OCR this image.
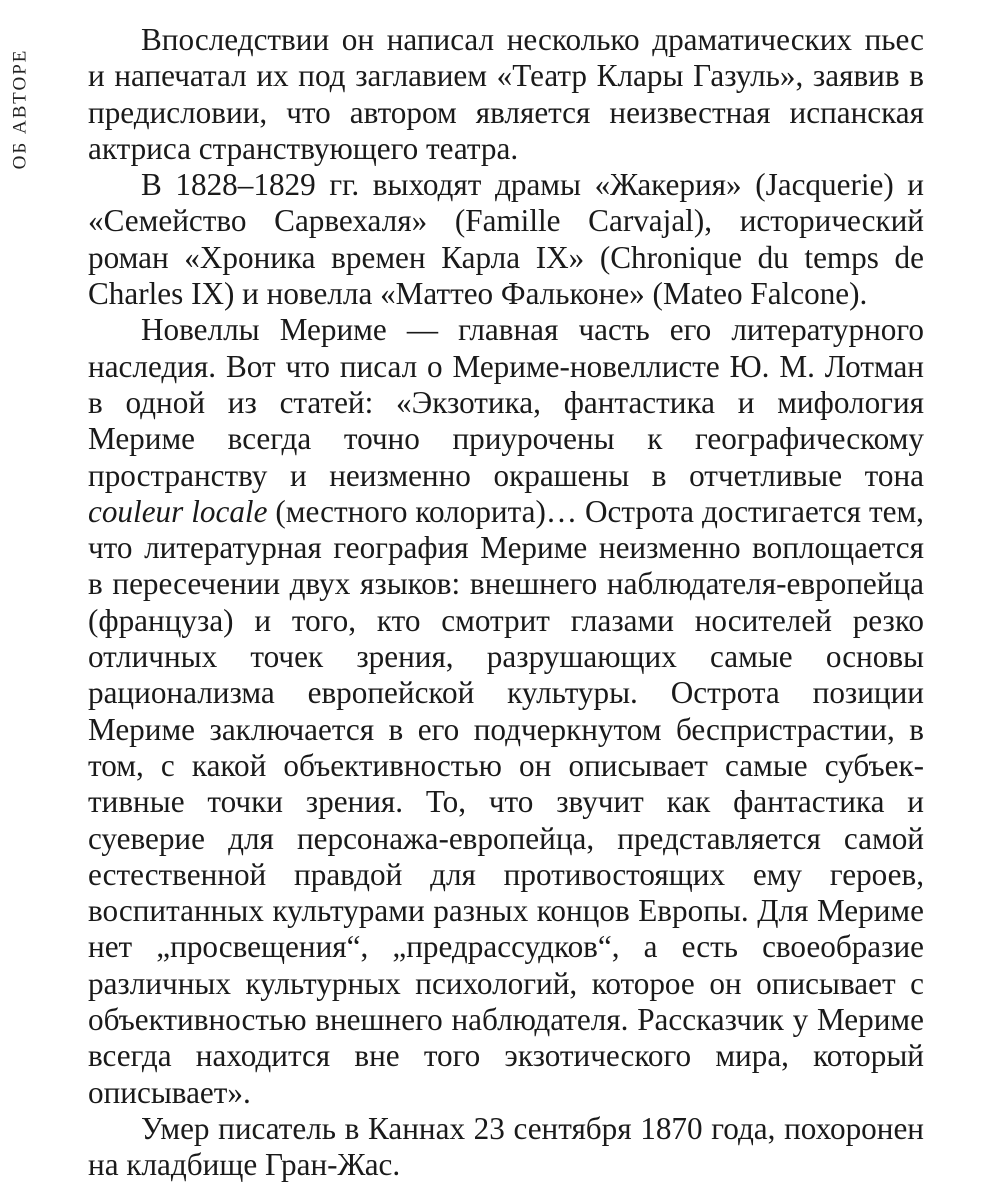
ОБ АВТОРЕ

Впоследствии он написал несколько драматических пьес и напечатал их под заглавием «Театр Клары Газуль», заявив в предисловии, что автором является неизвестная испанская актриса странствующего театра.

В 1828–1829 гг. выходят драмы «Жакерия» (Jacquerie) и «Семейство Сарвехаля» (Famille Carvajal), исторический роман «Хроника времен Карла IX» (Chronique du temps de Charles IX) и новелла «Маттео Фальконе» (Mateo Falcone).

Новеллы Мериме — главная часть его литературного наследия. Вот что писал о Мериме-новеллисте Ю. М. Лотман в одной из статей: «Экзотика, фантастика и мифология Мериме всегда точно приурочены к географическому пространству и неизменно окрашены в отчетливые тона couleur locale (местного колорита)… Острота достигается тем, что литературная география Мериме неизменно воплощается в пересечении двух языков: внешнего наблюдателя-европейца (француза) и того, кто смотрит глазами носителей резко отличных точек зрения, разрушающих самые основы рационализма европейской культуры. Острота позиции Мериме заключается в его подчеркнутом беспристрастии, в том, с какой объективностью он описывает самые субъективные точки зрения. То, что звучит как фантастика и суеверие для персонажа-европейца, представляется самой естественной правдой для противостоящих ему героев, воспитанных культурами разных концов Европы. Для Мериме нет „просвещения“, „предрассудков“, а есть своеобразие различных культурных психологий, которое он описывает с объективностью внешнего наблюдателя. Рассказчик у Мериме всегда находится вне того экзотического мира, который описывает».

Умер писатель в Каннах 23 сентября 1870 года, похоронен на кладбище Гран-Жас.
